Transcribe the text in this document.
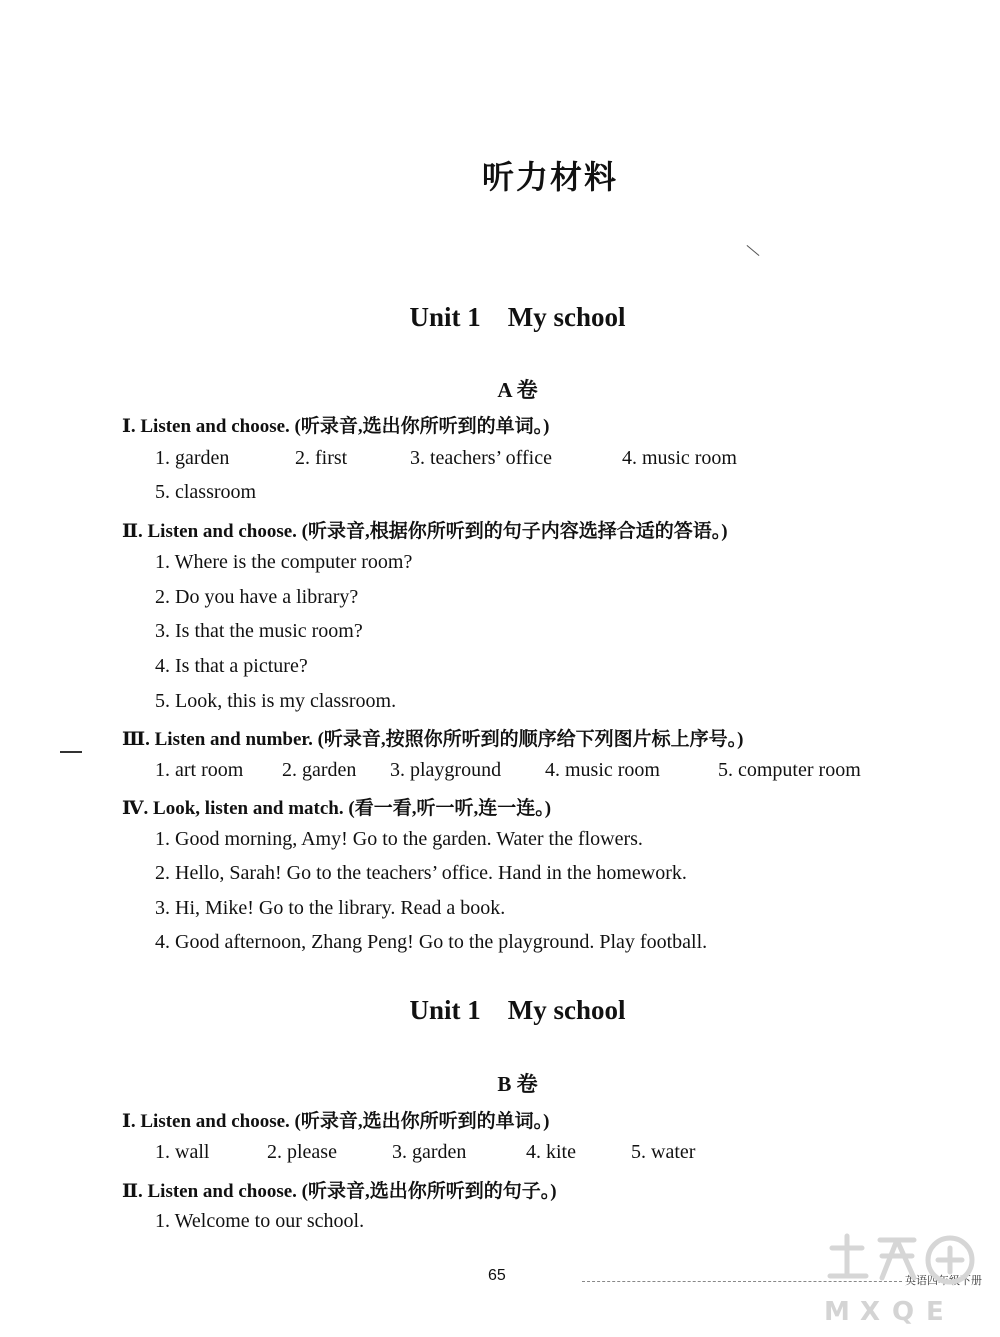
听力材料
Unit 1    My school
A 卷

Ⅰ. Listen and choose. (听录音,选出你所听到的单词。)

1. garden	2. first	3. teachers’ office	4. music room
5. classroom

Ⅱ. Listen and choose. (听录音,根据你所听到的句子内容选择合适的答语。)

1. Where is the computer room?
2. Do you have a library?
3. Is that the music room?
4. Is that a picture?
5. Look, this is my classroom.

Ⅲ. Listen and number. (听录音,按照你所听到的顺序给下列图片标上序号。)

1. art room	2. garden	3. playground	4. music room	5. computer room

Ⅳ. Look, listen and match. (看一看,听一听,连一连。)

1. Good morning, Amy! Go to the garden. Water the flowers.
2. Hello, Sarah! Go to the teachers’ office. Hand in the homework.
3. Hi, Mike! Go to the library. Read a book.
4. Good afternoon, Zhang Peng! Go to the playground. Play football.
Unit 1    My school
B 卷

Ⅰ. Listen and choose. (听录音,选出你所听到的单词。)

1. wall	2. please	3. garden	4. kite	5. water

Ⅱ. Listen and choose. (听录音,选出你所听到的句子。)

1. Welcome to our school.
65	英语四年级下册
M X Q E
